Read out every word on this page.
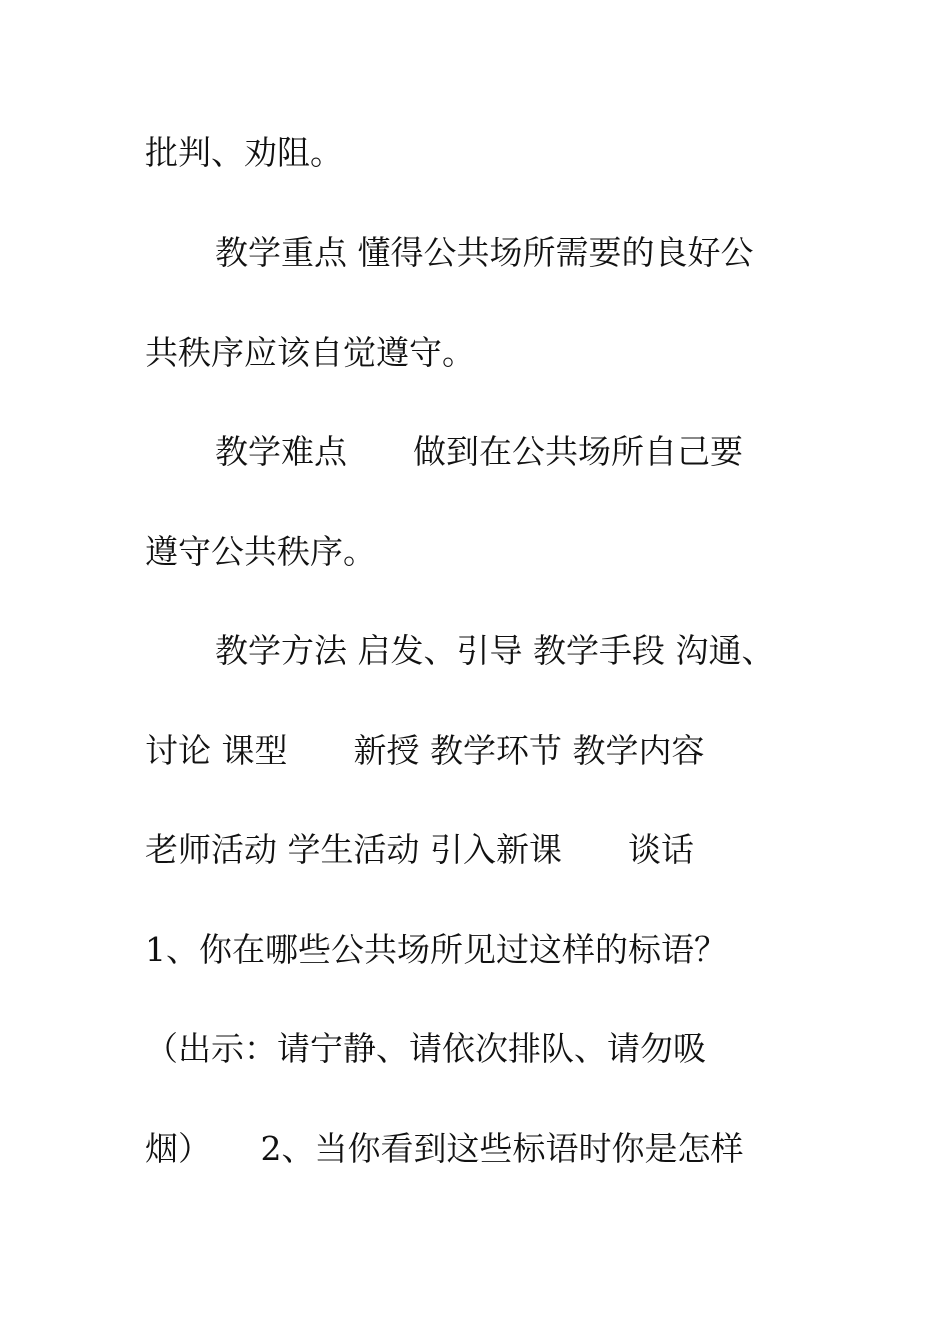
批判、劝阻。
教学重点 懂得公共场所需要的良好公
共秩序应该自觉遵守。
教学难点　　做到在公共场所自己要
遵守公共秩序。
教学方法 启发、引导 教学手段 沟通、
讨论 课型　　新授 教学环节 教学内容
老师活动 学生活动 引入新课　　谈话
1、你在哪些公共场所见过这样的标语？
（出示：请宁静、请依次排队、请勿吸
烟）　　2、当你看到这些标语时你是怎样
